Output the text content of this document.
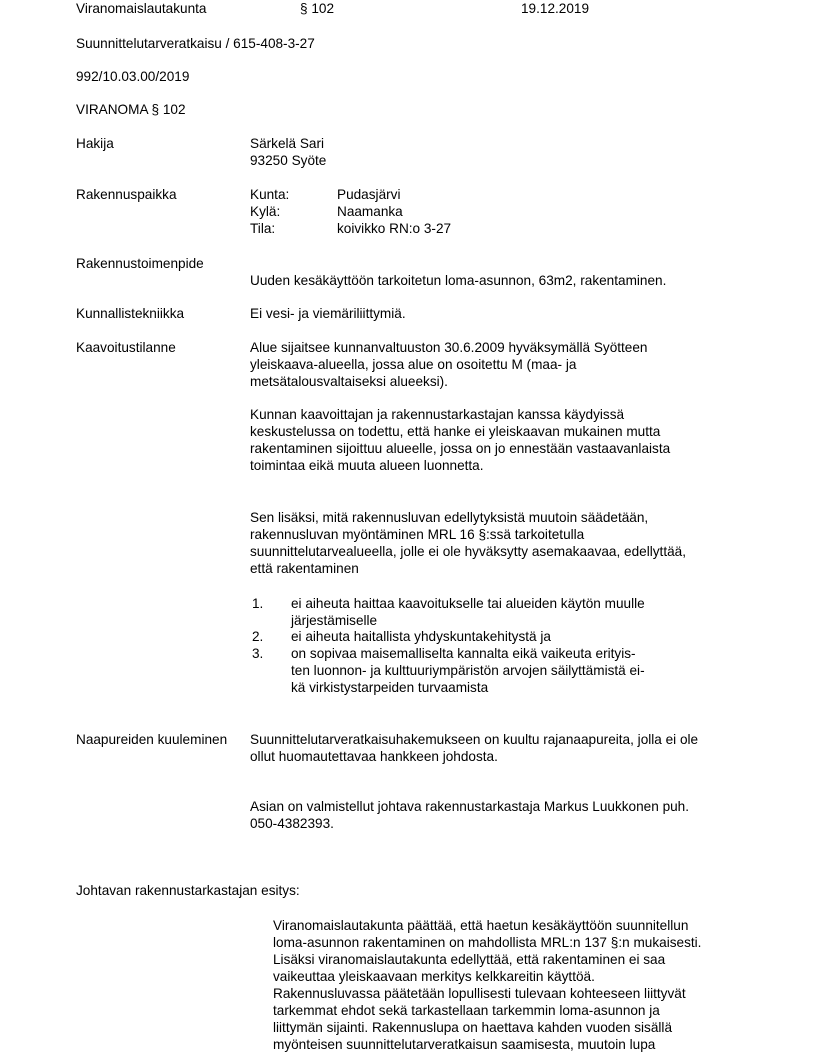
Viranomaislautakunta	§ 102	19.12.2019
Suunnittelutarveratkaisu / 615-408-3-27
992/10.03.00/2019
VIRANOMA § 102
Hakija	Särkelä Sari
93250 Syöte
Rakennuspaikka	Kunta:	Pudasjärvi
Kylä:	Naamanka
Tila:	koivikko RN:o 3-27
Rakennustoimenpide
Uuden kesäkäyttöön tarkoitetun loma-asunnon, 63m2, rakentaminen.
Kunnallistekniikka	Ei vesi- ja viemäriliittymiä.
Kaavoitustilanne	Alue sijaitsee kunnanvaltuuston 30.6.2009 hyväksymällä Syötteen
yleiskaava-alueella, jossa alue on osoitettu M (maa- ja
metsätalousvaltaiseksi alueeksi).
Kunnan kaavoittajan ja rakennustarkastajan kanssa käydyissä
keskustelussa on todettu, että hanke ei yleiskaavan mukainen mutta
rakentaminen sijoittuu alueelle, jossa on jo ennestään vastaavanlaista
toimintaa eikä muuta alueen luonnetta.
Sen lisäksi, mitä rakennusluvan edellytyksistä muutoin säädetään,
rakennusluvan myöntäminen MRL 16 §:ssä tarkoitetulla
suunnittelutarvealueella, jolle ei ole hyväksytty asemakaavaa, edellyttää,
että rakentaminen
1. ei aiheuta haittaa kaavoitukselle tai alueiden käytön muulle
järjestämiselle
2. ei aiheuta haitallista yhdyskuntakehitystä ja
3. on sopivaa maisemalliselta kannalta eikä vaikeuta erityis-
ten luonnon- ja kulttuuriympäristön arvojen säilyttämistä ei-
kä virkistystarpeiden turvaamista
Naapureiden kuuleminen Suunnittelutarveratkaisuhakemukseen on kuultu rajanaapureita, jolla ei ole
ollut huomautettavaa hankkeen johdosta.
Asian on valmistellut johtava rakennustarkastaja Markus Luukkonen puh.
050-4382393.
Johtavan rakennustarkastajan esitys:
Viranomaislautakunta päättää, että haetun kesäkäyttöön suunnitellun
loma-asunnon rakentaminen on mahdollista MRL:n 137 §:n mukaisesti.
Lisäksi viranomaislautakunta edellyttää, että rakentaminen ei saa
vaikeuttaa yleiskaavaan merkitys kelkkareitin käyttöä.
Rakennusluvassa päätetään lopullisesti tulevaan kohteeseen liittyvät
tarkemmat ehdot sekä tarkastellaan tarkemmin loma-asunnon ja
liittymän sijainti. Rakennuslupa on haettava kahden vuoden sisällä
myönteisen suunnittelutarveratkaisun saamisesta, muutoin lupa
